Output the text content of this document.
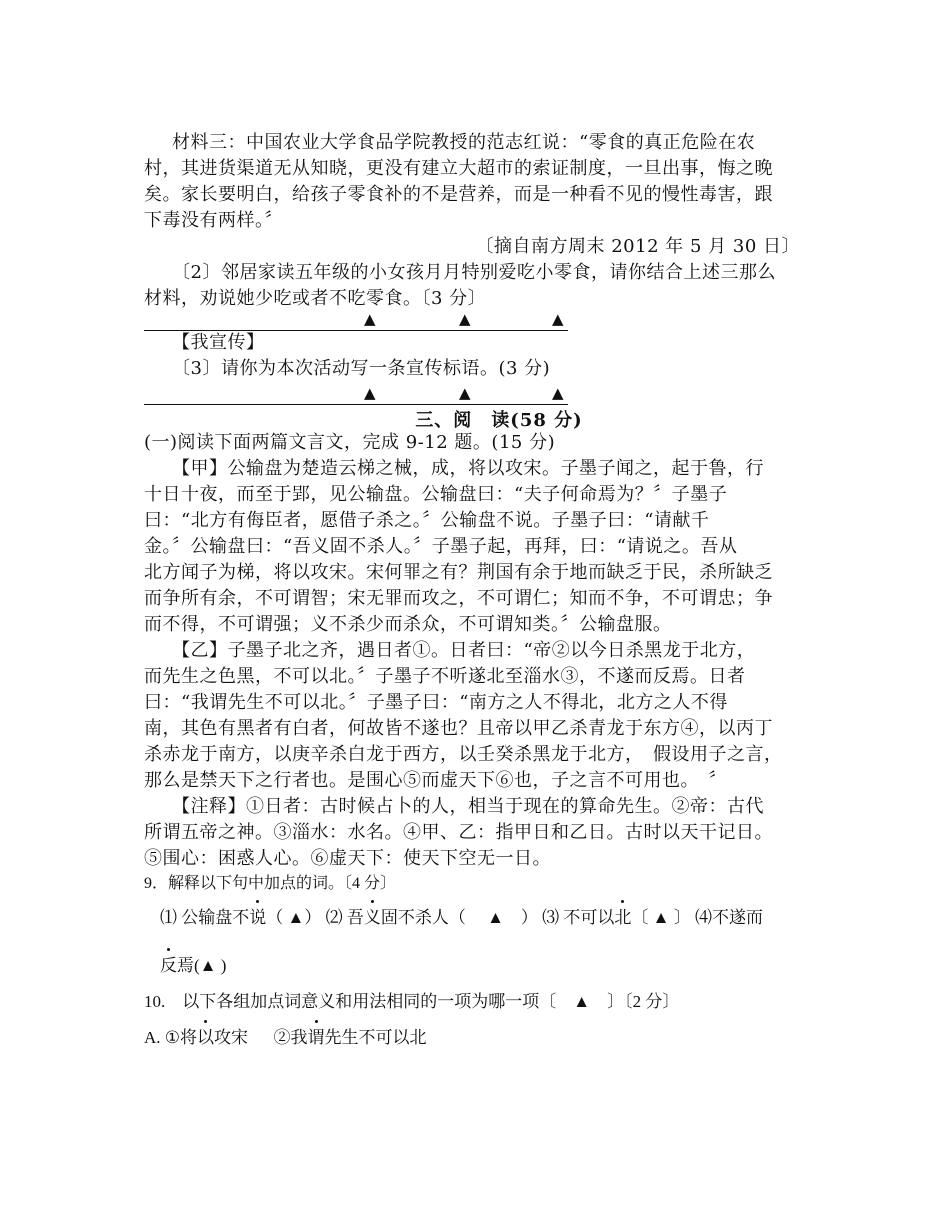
材料三：中国农业大学食品学院教授的范志红说：“零食的真正危险在农
村，其进货渠道无从知晓，更没有建立大超市的索证制度，一旦出事，悔之晚
矣。家长要明白，给孩子零食补的不是营养，而是一种看不见的慢性毒害，跟
下毒没有两样。〞
〔摘自南方周末 2012 年 5 月 30 日〕
〔2〕邻居家读五年级的小女孩月月特别爱吃小零食，请你结合上述三那么
材料，劝说她少吃或者不吃零食。〔3 分〕
▲	▲	▲
【我宣传】
〔3〕请你为本次活动写一条宣传标语。(3 分)
▲	▲	▲
三、阅　读(58 分)
(一)阅读下面两篇文言文，完成 9-12 题。(15 分)
【甲】公输盘为楚造云梯之械，成，将以攻宋。子墨子闻之，起于鲁，行
十日十夜，而至于郢，见公输盘。公输盘曰：“夫子何命焉为？〞子墨子
曰：“北方有侮臣者，愿借子杀之。〞公输盘不说。子墨子曰：“请献千
金。〞公输盘曰：“吾义固不杀人。〞子墨子起，再拜，曰：“请说之。吾从
北方闻子为梯，将以攻宋。宋何罪之有？荆国有余于地而缺乏于民，杀所缺乏
而争所有余，不可谓智；宋无罪而攻之，不可谓仁；知而不争，不可谓忠；争
而不得，不可谓强；义不杀少而杀众，不可谓知类。〞公输盘服。
【乙】子墨子北之齐，遇日者①。日者曰：“帝②以今日杀黑龙于北方，
而先生之色黑，不可以北。〞子墨子不听遂北至淄水③，不遂而反焉。日者
曰：“我谓先生不可以北。〞子墨子曰：“南方之人不得北，北方之人不得
南，其色有黑者有白者，何故皆不遂也？且帝以甲乙杀青龙于东方④，以丙丁
杀赤龙于南方，以庚辛杀白龙于西方，以壬癸杀黑龙于北方，　假设用子之言，
那么是禁天下之行者也。是围心⑤而虚天下⑥也，子之言不可用也。　〞
【注释】①日者：古时候占卜的人，相当于现在的算命先生。②帝：古代
所谓五帝之神。③淄水：水名。④甲、乙：指甲日和乙日。古时以天干记日。
⑤围心：困惑人心。⑥虚天下：使天下空无一日。
9．解释以下句中加点的词。〔4 分〕
⑴ 公输盘不说（ ▲） ⑵ 吾义固不杀人（　 ▲　） ⑶ 不可以北〔 ▲ 〕 ⑷不遂而
反焉(▲ )
10.　以下各组加点词意义和用法相同的一项为哪一项〔　▲　〕〔2 分〕
A. ①将以攻宋 ②我谓先生不可以北
